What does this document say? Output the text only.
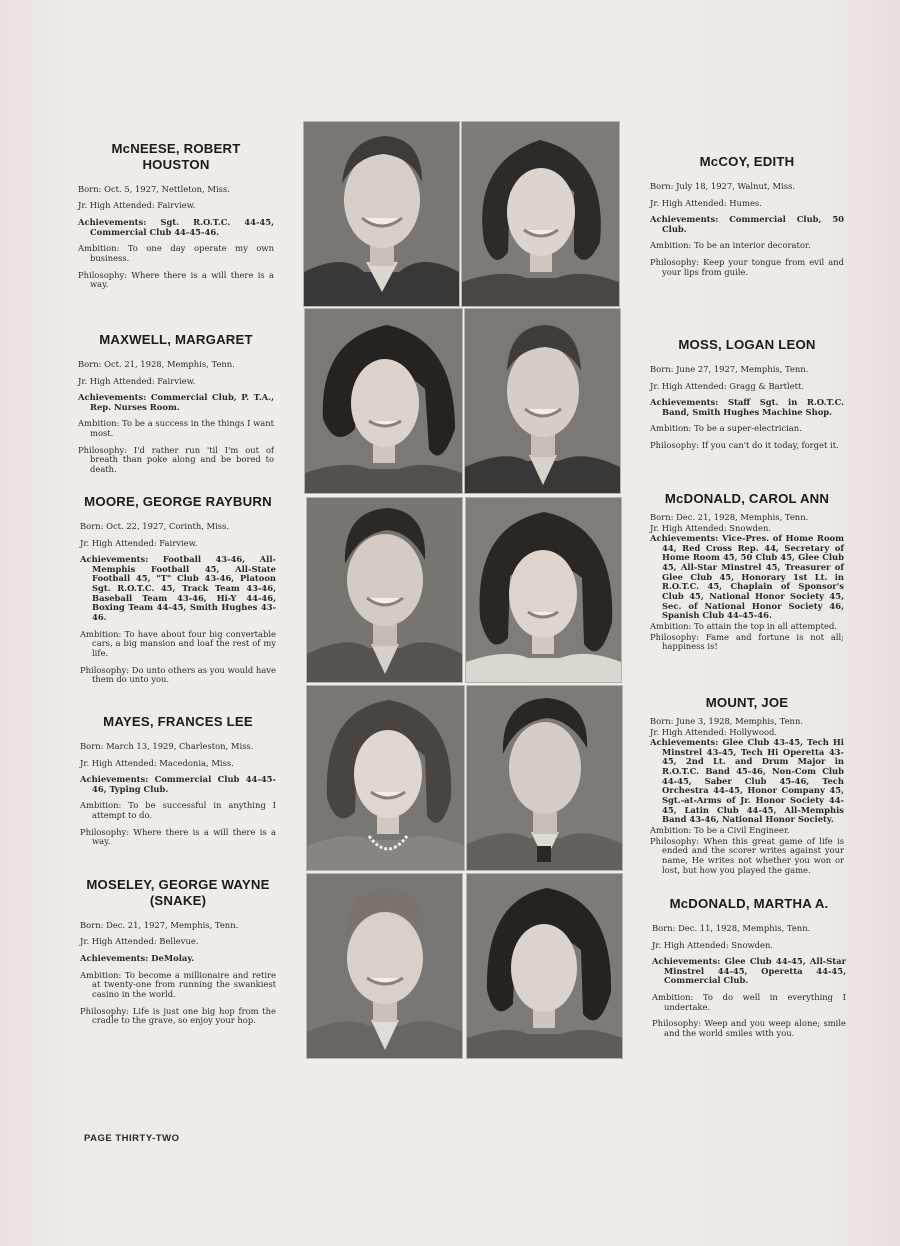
McNEESE, ROBERT HOUSTON
Born: Oct. 5, 1927, Nettleton, Miss.
Jr. High Attended: Fairview.
Achievements: Sgt. R.O.T.C. 44-45, Commercial Club 44-45-46.
Ambition: To one day operate my own business.
Philosophy: Where there is a will there is a way.
MAXWELL, MARGARET
Born: Oct. 21, 1928, Memphis, Tenn.
Jr. High Attended: Fairview.
Achievements: Commercial Club, P. T.A., Rep. Nurses Room.
Ambition: To be a success in the things I want most.
Philosophy: I'd rather run 'til I'm out of breath than poke along and be bored to death.
MOORE, GEORGE RAYBURN
Born: Oct. 22, 1927, Corinth, Miss.
Jr. High Attended: Fairview.
Achievements: Football 43-46, All-Memphis Football 45, All-State Football 45, "T" Club 43-46, Platoon Sgt. R.O.T.C. 45, Track Team 43-46, Baseball Team 43-46, Hi-Y 44-46, Boxing Team 44-45, Smith Hughes 43-46.
Ambition: To have about four big convertable cars, a big mansion and loaf the rest of my life.
Philosophy: Do unto others as you would have them do unto you.
MAYES, FRANCES LEE
Born: March 13, 1929, Charleston, Miss.
Jr. High Attended: Macedonia, Miss.
Achievements: Commercial Club 44-45-46, Typing Club.
Ambition: To be successful in anything I attempt to do.
Philosophy: Where there is a will there is a way.
MOSELEY, GEORGE WAYNE (SNAKE)
Born: Dec. 21, 1927, Memphis, Tenn.
Jr. High Attended: Bellevue.
Achievements: DeMolay.
Ambition: To become a millionaire and retire at twenty-one from running the swankiest casino in the world.
Philosophy: Life is just one big hop from the cradle to the grave, so enjoy your hop.
McCOY, EDITH
Born: July 18, 1927, Walnut, Miss.
Jr. High Attended: Humes.
Achievements: Commercial Club, 50 Club.
Ambition: To be an interior decorator.
Philosophy: Keep your tongue from evil and your lips from guile.
MOSS, LOGAN LEON
Born: June 27, 1927, Memphis, Tenn.
Jr. High Attended: Gragg & Bartlett.
Achievements: Staff Sgt. in R.O.T.C. Band, Smith Hughes Machine Shop.
Ambition: To be a super-electrician.
Philosophy: If you can't do it today, forget it.
McDONALD, CAROL ANN
Born: Dec. 21, 1928, Memphis, Tenn.
Jr. High Attended: Snowden.
Achievements: Vice-Pres. of Home Room 44, Red Cross Rep. 44, Secretary of Home Room 45, 50 Club 45, Glee Club 45, All-Star Minstrel 45, Treasurer of Glee Club 45, Honorary 1st Lt. in R.O.T.C. 45, Chaplain of Sponsor's Club 45, National Honor Society 45, Sec. of National Honor Society 46, Spanish Club 44-45-46.
Ambition: To attain the top in all attempted.
Philosophy: Fame and fortune is not all; happiness is!
MOUNT, JOE
Born: June 3, 1928, Memphis, Tenn.
Jr. High Attended: Hollywood.
Achievements: Glee Club 43-45, Tech Hi Minstrel 43-45, Tech Hi Operetta 43-45, 2nd Lt. and Drum Major in R.O.T.C. Band 45-46, Non-Com Club 44-45, Saber Club 45-46, Tech Orchestra 44-45, Honor Company 45, Sgt.-at-Arms of Jr. Honor Society 44-45, Latin Club 44-45, All-Memphis Band 43-46, National Honor Society.
Ambition: To be a Civil Engineer.
Philosophy: When this great game of life is ended and the scorer writes against your name, He writes not whether you won or lost, but how you played the game.
McDONALD, MARTHA A.
Born: Dec. 11, 1928, Memphis, Tenn.
Jr. High Attended: Snowden.
Achievements: Glee Club 44-45, All-Star Minstrel 44-45, Operetta 44-45, Commercial Club.
Ambition: To do well in everything I undertake.
Philosophy: Weep and you weep alone; smile and the world smiles with you.
PAGE THIRTY-TWO
